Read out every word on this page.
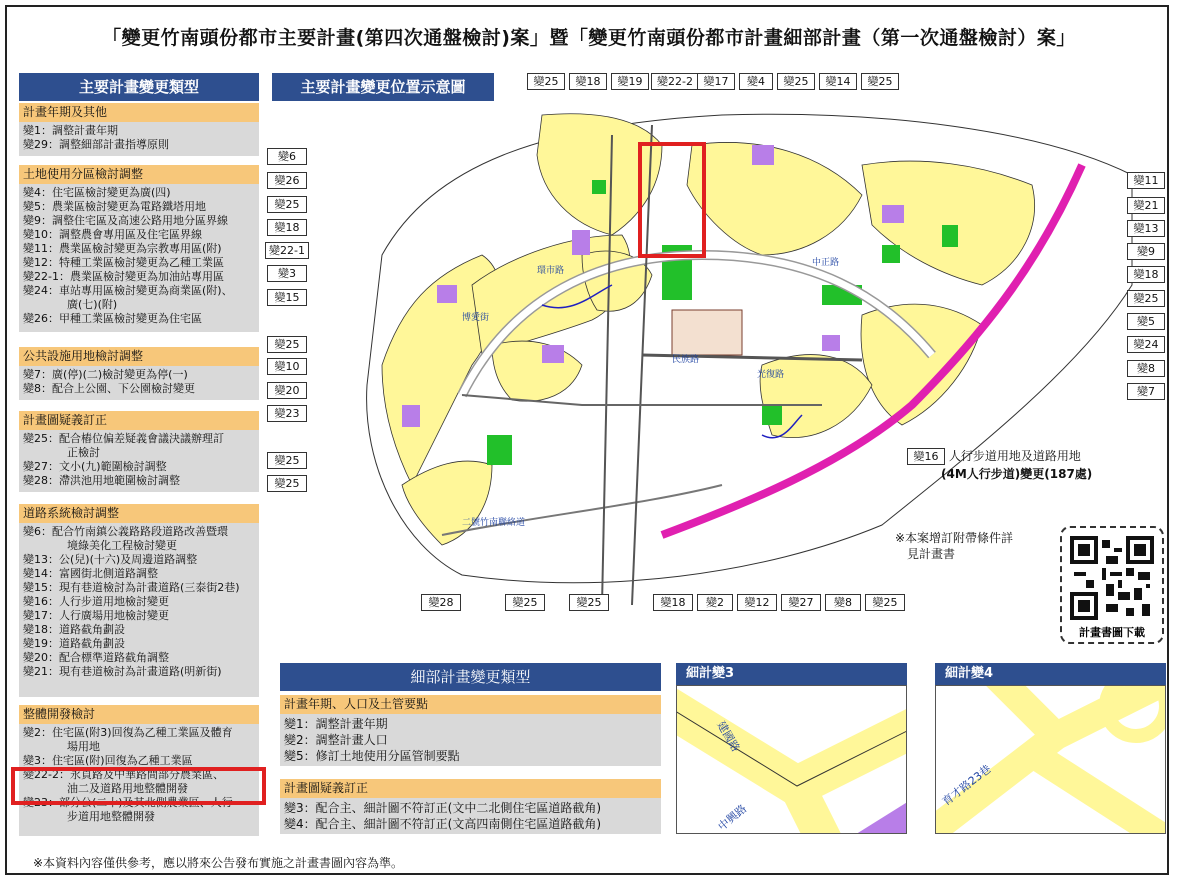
「變更竹南頭份都市主要計畫(第四次通盤檢討)案」暨「變更竹南頭份都市計畫細部計畫（第一次通盤檢討）案」
主要計畫變更類型
計畫年期及其他
變1：調整計畫年期
變29：調整細部計畫指導原則
土地使用分區檢討調整
變4：住宅區檢討變更為廣(四)
變5：農業區檢討變更為電路鐵塔用地
變9：調整住宅區及高速公路用地分區界線
變10：調整農會專用區及住宅區界線
變11：農業區檢討變更為宗教專用區(附)
變12：特種工業區檢討變更為乙種工業區
變22-1：農業區檢討變更為加油站專用區
變24：車站專用區檢討變更為商業區(附)、
廣(七)(附)
變26：甲種工業區檢討變更為住宅區
公共設施用地檢討調整
變7：廣(停)(二)檢討變更為停(一)
變8：配合上公園、下公園檢討變更
計畫圖疑義訂正
變25：配合樁位偏差疑義會議決議辦理訂
正檢討
變27：文小(九)範圍檢討調整
變28：滯洪池用地範圍檢討調整
道路系統檢討調整
變6：配合竹南鎮公義路路段道路改善暨環
境綠美化工程檢討變更
變13：公(兒)(十六)及周邊道路調整
變14：富國街北側道路調整
變15：現有巷道檢討為計畫道路(三泰街2巷)
變16：人行步道用地檢討變更
變17：人行廣場用地檢討變更
變18：道路截角劃設
變19：道路截角劃設
變20：配合標準道路截角調整
變21：現有巷道檢討為計畫道路(明新街)
整體開發檢討
變2：住宅區(附3)回復為乙種工業區及體育
場用地
變3：住宅區(附)回復為乙種工業區
變22-2：永貞路及中華路間部分農業區、
油二及道路用地整體開發
變23：部分公(二十)及其北側農業區、人行
步道用地整體開發
主要計畫變更位置示意圖
環市路
民族路
博愛街
光復路
中正路
二號竹南聯絡道
變25	變18	變19	變22-2 變17	變4	變25	變14	變25
變6
變26
變25
變18
變22-1
變3
變15
變25
變10
變20
變23
變25
變25
變11
變21
變13
變9
變18
變25
變5
變24
變8
變7
變28	變25	變25	變18	變2	變12	變27	變8	變25
變16 人行步道用地及道路用地
(4M人行步道)變更(187處)
※本案增訂附帶條件詳
見計畫書
計畫書圖下載
細部計畫變更類型
計畫年期、人口及土管要點
變1：調整計畫年期
變2：調整計畫人口
變5：修訂土地使用分區管制要點
計畫圖疑義訂正
變3：配合主、細計圖不符訂正(文中二北側住宅區道路截角)
變4：配合主、細計圖不符訂正(文高四南側住宅區道路截角)
細計變3
建國路
中興路
細計變4
育才路23巷
※本資料內容僅供參考，應以將來公告發布實施之計畫書圖內容為準。
